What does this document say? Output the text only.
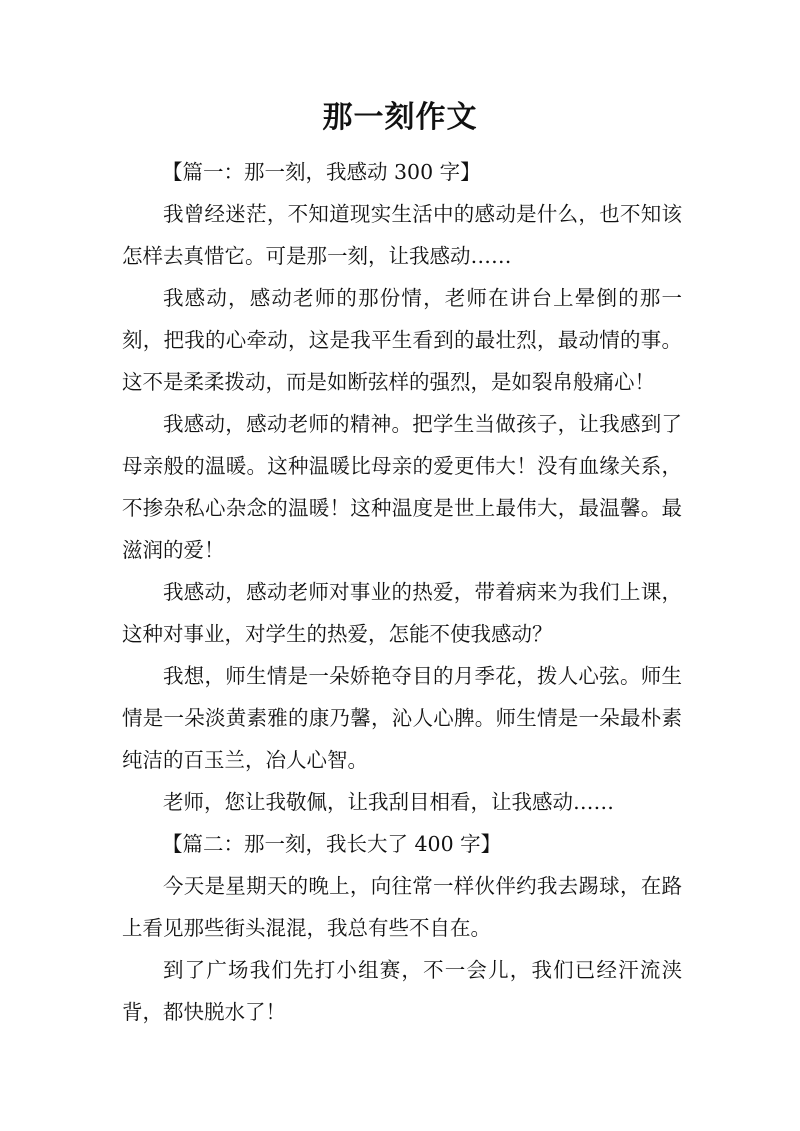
那一刻作文
【篇一：那一刻，我感动 300 字】

我曾经迷茫，不知道现实生活中的感动是什么，也不知该怎样去真惜它。可是那一刻，让我感动……

我感动，感动老师的那份情，老师在讲台上晕倒的那一刻，把我的心牵动，这是我平生看到的最壮烈，最动情的事。这不是柔柔拨动，而是如断弦样的强烈，是如裂帛般痛心！

我感动，感动老师的精神。把学生当做孩子，让我感到了母亲般的温暖。这种温暖比母亲的爱更伟大！没有血缘关系，不掺杂私心杂念的温暖！这种温度是世上最伟大，最温馨。最滋润的爱！

我感动，感动老师对事业的热爱，带着病来为我们上课，这种对事业，对学生的热爱，怎能不使我感动？

我想，师生情是一朵娇艳夺目的月季花，拨人心弦。师生情是一朵淡黄素雅的康乃馨，沁人心脾。师生情是一朵最朴素纯洁的百玉兰，冶人心智。

老师，您让我敬佩，让我刮目相看，让我感动……

【篇二：那一刻，我长大了 400 字】

今天是星期天的晚上，向往常一样伙伴约我去踢球，在路上看见那些街头混混，我总有些不自在。

到了广场我们先打小组赛，不一会儿，我们已经汗流浃背，都快脱水了！
